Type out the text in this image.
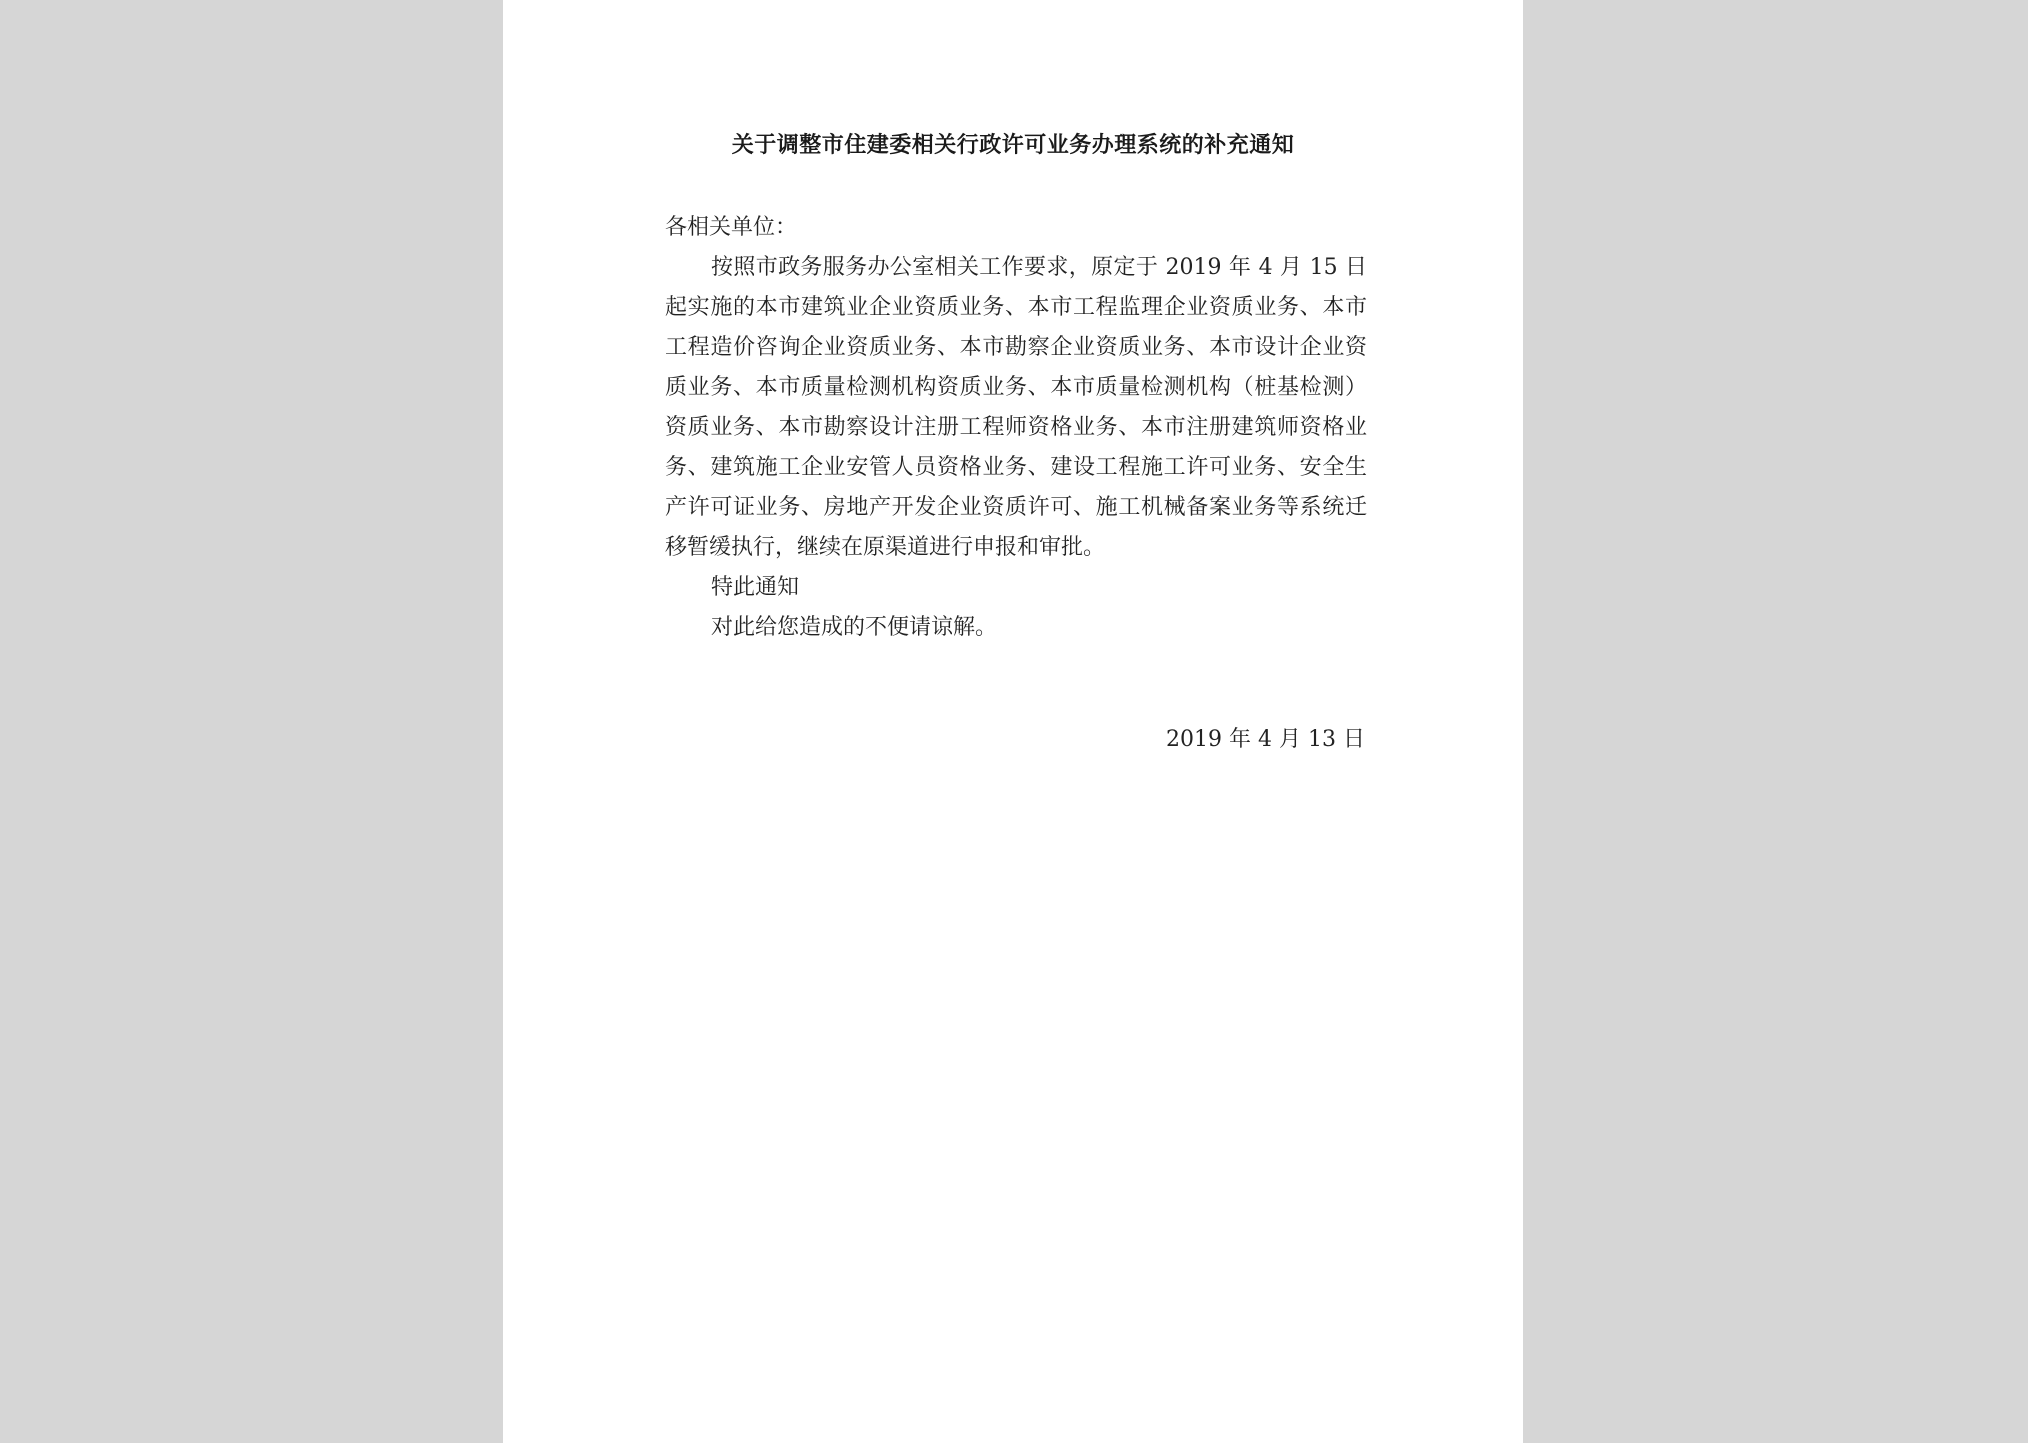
关于调整市住建委相关行政许可业务办理系统的补充通知

各相关单位：

按照市政务服务办公室相关工作要求，原定于 2019 年 4 月 15 日起实施的本市建筑业企业资质业务、本市工程监理企业资质业务、本市工程造价咨询企业资质业务、本市勘察企业资质业务、本市设计企业资质业务、本市质量检测机构资质业务、本市质量检测机构（桩基检测）资质业务、本市勘察设计注册工程师资格业务、本市注册建筑师资格业务、建筑施工企业安管人员资格业务、建设工程施工许可业务、安全生产许可证业务、房地产开发企业资质许可、施工机械备案业务等系统迁移暂缓执行，继续在原渠道进行申报和审批。

特此通知

对此给您造成的不便请谅解。

2019 年 4 月 13 日
